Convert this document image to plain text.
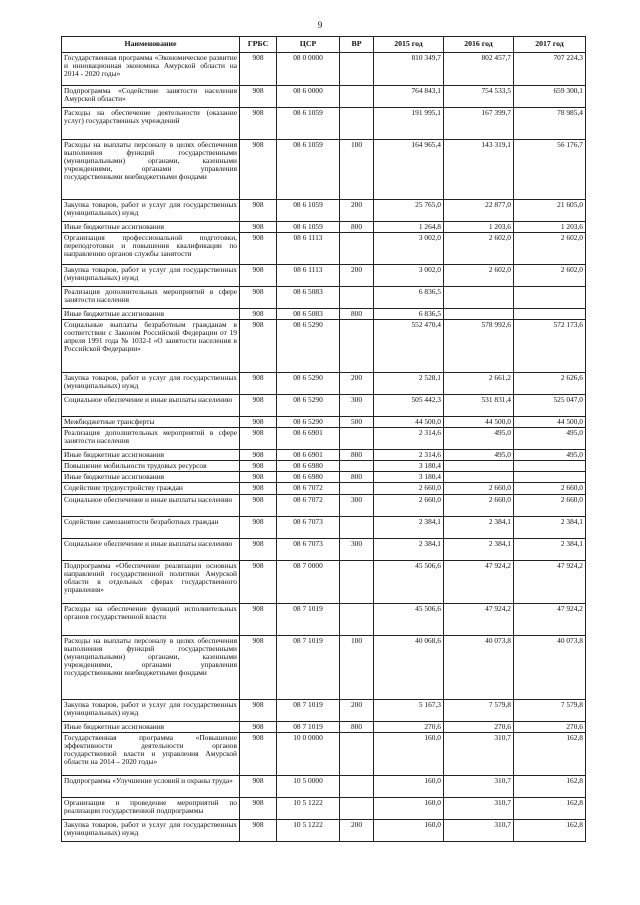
9
Наименование	ГРБС	ЦСР	ВР	2015 год	2016 год	2017 год
Государственная программа «Экономическое развитие и инновационная экономика Амурской области на 2014 - 2020 годы»	908	08 0 0000		810 349,7	802 457,7	707 224,3
Подпрограмма «Содействие занятости населения Амурской области»	908	08 6 0000		764 843,1	754 533,5	659 300,1
Расходы на обеспечение деятельности (оказание услуг) государственных учреждений	908	08 6 1059		191 995,1	167 399,7	78 985,4
Расходы на выплаты персоналу в целях обеспечения выполнения функций государственными (муниципальными) органами, казенными учреждениями, органами управления государственными внебюджетными фондами	908	08 6 1059	100	164 965,4	143 319,1	56 176,7
Закупка товаров, работ и услуг для государственных (муниципальных) нужд	908	08 6 1059	200	25 765,0	22 877,0	21 605,0
Иные бюджетные ассигнования	908	08 6 1059	800	1 264,8	1 203,6	1 203,6
Организация профессиональной подготовки, переподготовки и повышения квалификации по направлению органов службы занятости	908	08 6 1113		3 002,0	2 602,0	2 602,0
Закупка товаров, работ и услуг для государственных (муниципальных) нужд	908	08 6 1113	200	3 002,0	2 602,0	2 602,0
Реализация дополнительных мероприятий в сфере занятости населения	908	08 6 5083		6 836,5		
Иные бюджетные ассигнования	908	08 6 5083	800	6 836,5		
Социальные выплаты безработным гражданам в соответствии с Законом Российской Федерации от 19 апреля 1991 года № 1032-I «О занятости населения в Российской Федерации»	908	08 6 5290		552 470,4	578 992,6	572 173,6
Закупка товаров, работ и услуг для государственных (муниципальных) нужд	908	08 6 5290	200	2 528,1	2 661,2	2 626,6
Социальное обеспечение и иные выплаты населению	908	08 6 5290	300	505 442,3	531 831,4	525 047,0
Межбюджетные трансферты	908	08 6 5290	500	44 500,0	44 500,0	44 500,0
Реализация дополнительных мероприятий в сфере занятости населения	908	08 6 6901		2 314,6	495,0	495,0
Иные бюджетные ассигнования	908	08 6 6901	800	2 314,6	495,0	495,0
Повышение мобильности трудовых ресурсов	908	08 6 6980		3 180,4		
Иные бюджетные ассигнования	908	08 6 6980	800	3 180,4		
Содействие трудоустройству граждан	908	08 6 7072		2 660,0	2 660,0	2 660,0
Социальное обеспечение и иные выплаты населению	908	08 6 7072	300	2 660,0	2 660,0	2 660,0
Содействие самозанятости безработных граждан	908	08 6 7073		2 384,1	2 384,1	2 384,1
Социальное обеспечение и иные выплаты населению	908	08 6 7073	300	2 384,1	2 384,1	2 384,1
Подпрограмма «Обеспечение реализации основных направлений государственной политики Амурской области в отдельных сферах государственного управления»	908	08 7 0000		45 506,6	47 924,2	47 924,2
Расходы на обеспечение функций исполнительных органов государственной власти	908	08 7 1019		45 506,6	47 924,2	47 924,2
Расходы на выплаты персоналу в целях обеспечения выполнения функций государственными (муниципальными) органами, казенными учреждениями, органами управления государственными внебюджетными фондами	908	08 7 1019	100	40 068,6	40 073,8	40 073,8
Закупка товаров, работ и услуг для государственных (муниципальных) нужд	908	08 7 1019	200	5 167,3	7 579,8	7 579,8
Иные бюджетные ассигнования	908	08 7 1019	800	270,6	270,6	270,6
Государственная программа «Повышение эффективности деятельности органов государственной власти и управления Амурской области на 2014 – 2020 годы»	908	10 0 0000		160,0	310,7	162,8
Подпрограмма «Улучшение условий и охраны труда»	908	10 5 0000		160,0	310,7	162,8
Организация и проведение мероприятий по реализации государственной подпрограммы	908	10 5 1222		160,0	310,7	162,8
Закупка товаров, работ и услуг для государственных (муниципальных) нужд	908	10 5 1222	200	160,0	310,7	162,8
